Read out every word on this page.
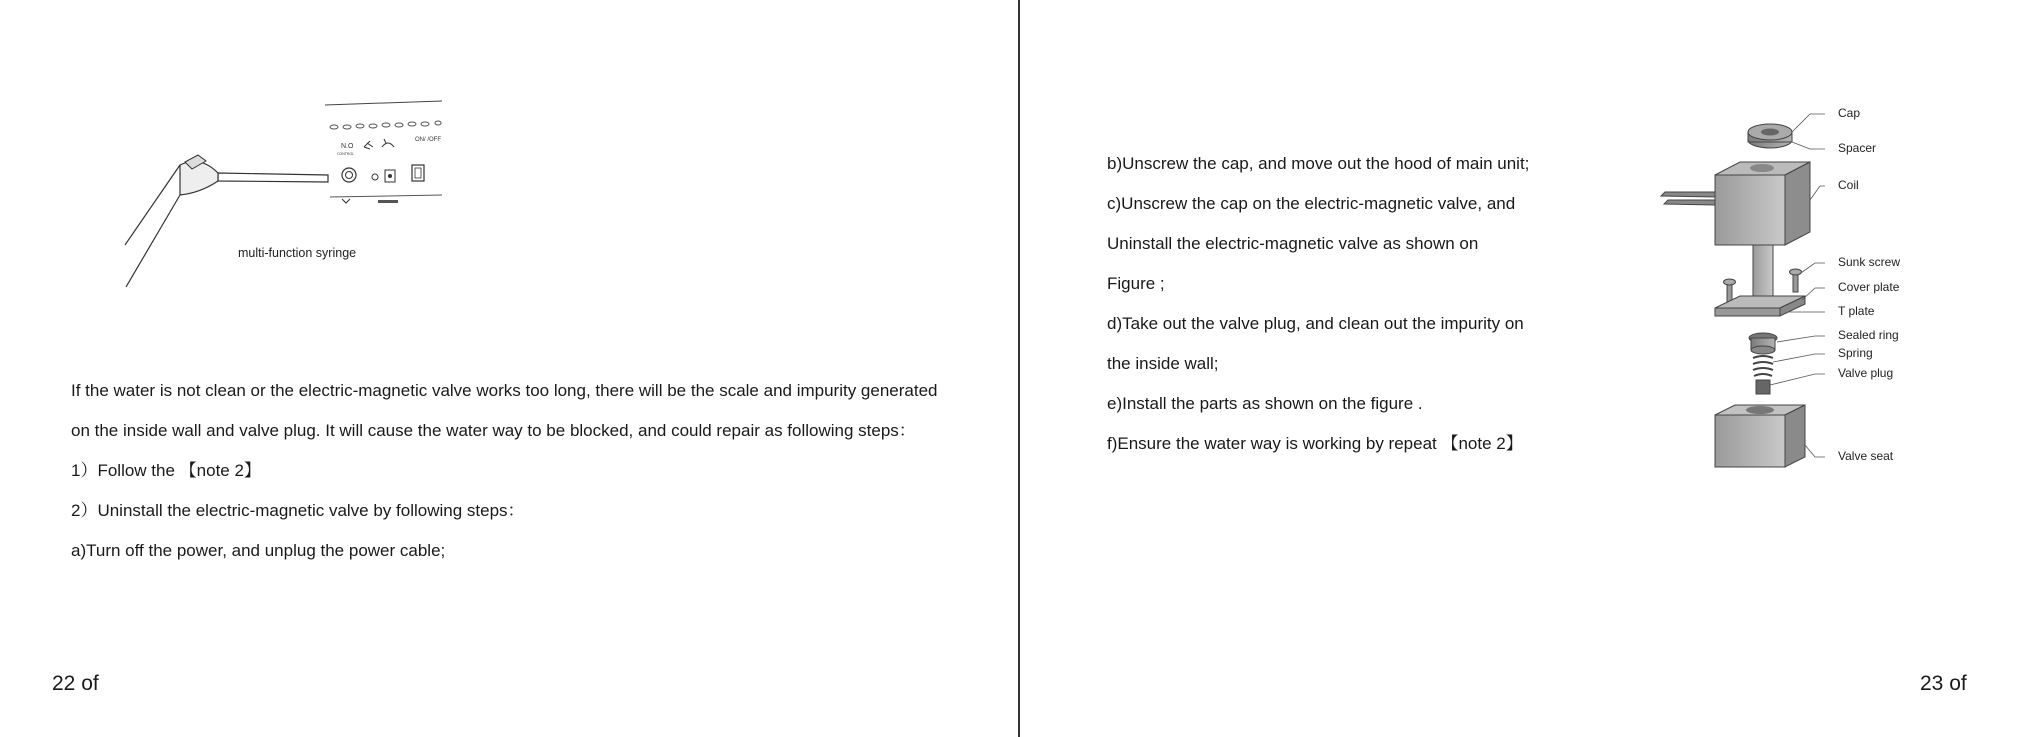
N.O
CONTROL
ON/ /OFF
multi-function syringe
If the water is not clean or the electric-magnetic valve works too long, there will be the scale and impurity generated
on the inside wall and valve plug. It will cause the water way to be blocked, and could repair as following steps：
1）Follow the 【note 2】
2）Uninstall the electric-magnetic valve by following steps：
a)Turn off the power, and unplug the power cable;
22 of
b)Unscrew the cap, and move out the hood of main unit;
c)Unscrew the cap on the electric-magnetic valve, and
Uninstall the electric-magnetic valve as shown on
Figure ;
d)Take out the valve plug, and clean out the impurity on
the inside wall;
e)Install the parts as shown on the figure .
f)Ensure the water way is working by repeat 【note 2】
Cap
Spacer
Coil
Sunk screw
Cover plate
T plate
Sealed ring
Spring
Valve plug
Valve seat
23 of
